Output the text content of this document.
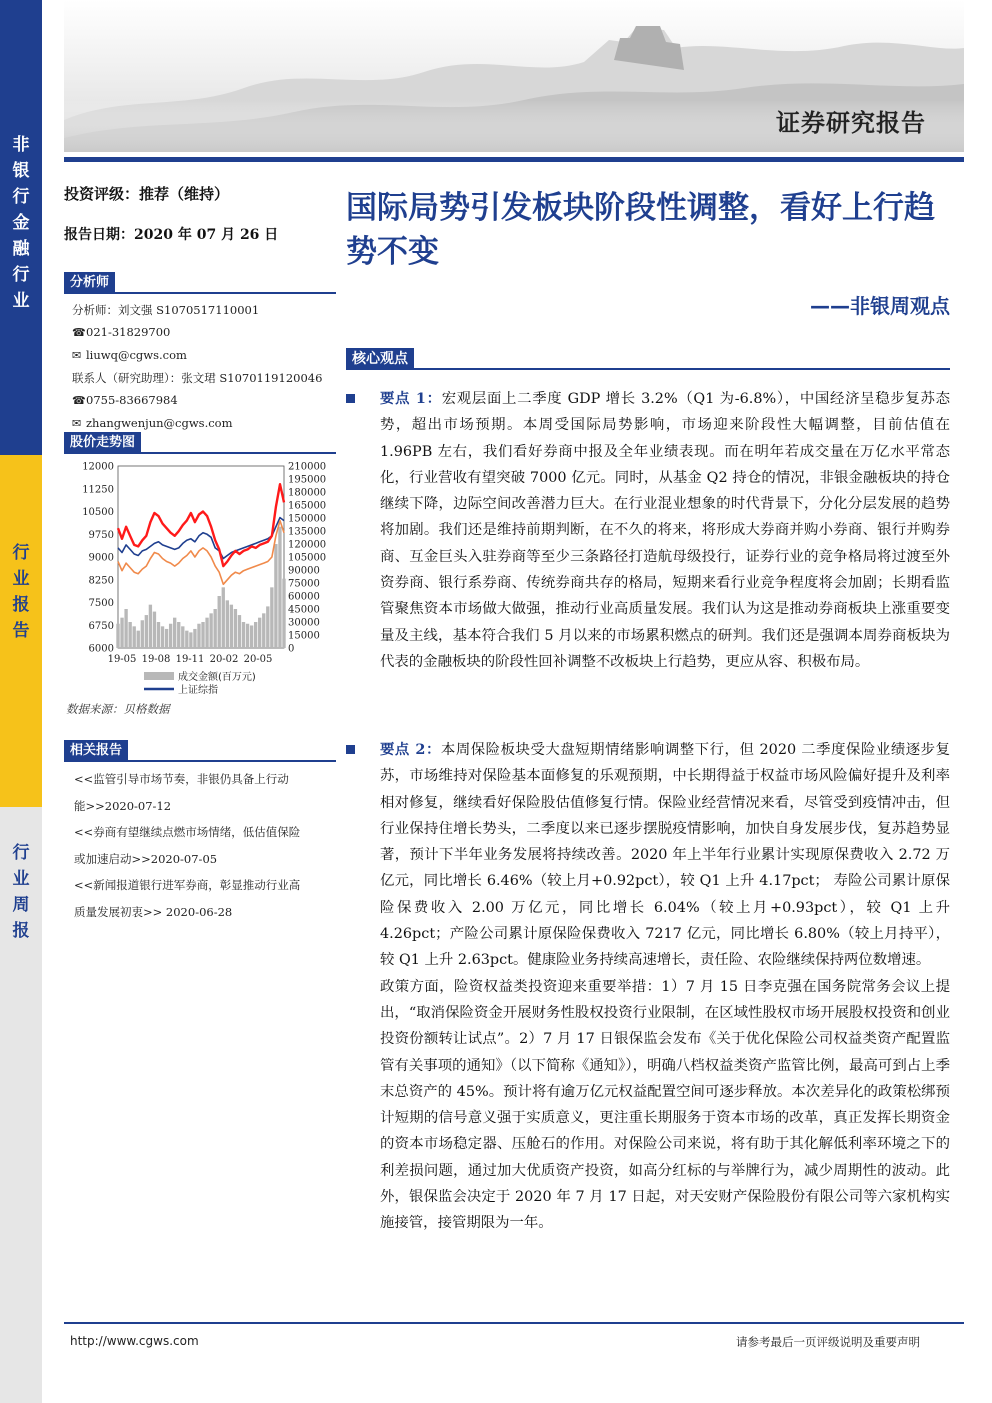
非
银
行
金
融
行
业
行
业
报
告
行
业
周
报
证券研究报告
投资评级：推荐（维持）
报告日期：2020 年 07 月 26 日
分析师
分析师：刘文强 S1070517110001
☎021-31829700
✉ liuwq@cgws.com
联系人（研究助理）：张文珺 S1070119120046
☎0755-83667984
✉ zhangwenjun@cgws.com
股价走势图
6000
6750
7500
8250
9000
9750
10500
11250
12000
0
15000
30000
45000
60000
75000
90000
105000
120000
135000
150000
165000
180000
195000
210000
19-05 19-08 19-11 20-02 20-05
成交金额(百万元)
上证综指
数据来源：贝格数据
相关报告
<<监管引导市场节奏，非银仍具备上行动
能>>2020-07-12
<<券商有望继续点燃市场情绪，低估值保险
或加速启动>>2020-07-05
<<新闻报道银行进军券商，彰显推动行业高
质量发展初衷>> 2020-06-28
国际局势引发板块阶段性调整，看好上行趋势不变
——非银周观点
核心观点
要点 1：宏观层面上二季度 GDP 增长 3.2%（Q1 为-6.8%），中国经济呈稳步复苏态势，超出市场预期。本周受国际局势影响，市场迎来阶段性大幅调整，目前估值在 1.96PB 左右，我们看好券商中报及全年业绩表现。而在明年若成交量在万亿水平常态化，行业营收有望突破 7000 亿元。同时，从基金 Q2 持仓的情况，非银金融板块的持仓继续下降，边际空间改善潜力巨大。在行业混业想象的时代背景下，分化分层发展的趋势将加剧。我们还是维持前期判断，在不久的将来，将形成大券商并购小券商、银行并购券商、互金巨头入驻券商等至少三条路径打造航母级投行，证券行业的竞争格局将过渡至外资券商、银行系券商、传统券商共存的格局，短期来看行业竞争程度将会加剧；长期看监管聚焦资本市场做大做强，推动行业高质量发展。我们认为这是推动券商板块上涨重要变量及主线，基本符合我们 5 月以来的市场累积燃点的研判。我们还是强调本周券商板块为代表的金融板块的阶段性回补调整不改板块上行趋势，更应从容、积极布局。
要点 2：本周保险板块受大盘短期情绪影响调整下行，但 2020 二季度保险业绩逐步复苏，市场维持对保险基本面修复的乐观预期，中长期得益于权益市场风险偏好提升及利率相对修复，继续看好保险股估值修复行情。保险业经营情况来看，尽管受到疫情冲击，但行业保持住增长势头，二季度以来已逐步摆脱疫情影响，加快自身发展步伐，复苏趋势显著，预计下半年业务发展将持续改善。2020 年上半年行业累计实现原保费收入 2.72 万亿元，同比增长 6.46%（较上月+0.92pct），较 Q1 上升 4.17pct； 寿险公司累计原保险保费收入 2.00 万亿元，同比增长 6.04%（较上月+0.93pct），较 Q1 上升 4.26pct；产险公司累计原保险保费收入 7217 亿元，同比增长 6.80%（较上月持平），较 Q1 上升 2.63pct。健康险业务持续高速增长，责任险、农险继续保持两位数增速。
政策方面，险资权益类投资迎来重要举措：1）7 月 15 日李克强在国务院常务会议上提出，“取消保险资金开展财务性股权投资行业限制，在区域性股权市场开展股权投资和创业投资份额转让试点”。2）7 月 17 日银保监会发布《关于优化保险公司权益类资产配置监管有关事项的通知》（以下简称《通知》），明确八档权益类资产监管比例，最高可到占上季末总资产的 45%。预计将有逾万亿元权益配置空间可逐步释放。本次差异化的政策松绑预计短期的信号意义强于实质意义，更注重长期服务于资本市场的改革，真正发挥长期资金的资本市场稳定器、压舱石的作用。对保险公司来说，将有助于其化解低利率环境之下的利差损问题，通过加大优质资产投资，如高分红标的与举牌行为，减少周期性的波动。此外，银保监会决定于 2020 年 7 月 17 日起，对天安财产保险股份有限公司等六家机构实施接管，接管期限为一年。
http://www.cgws.com	请参考最后一页评级说明及重要声明
